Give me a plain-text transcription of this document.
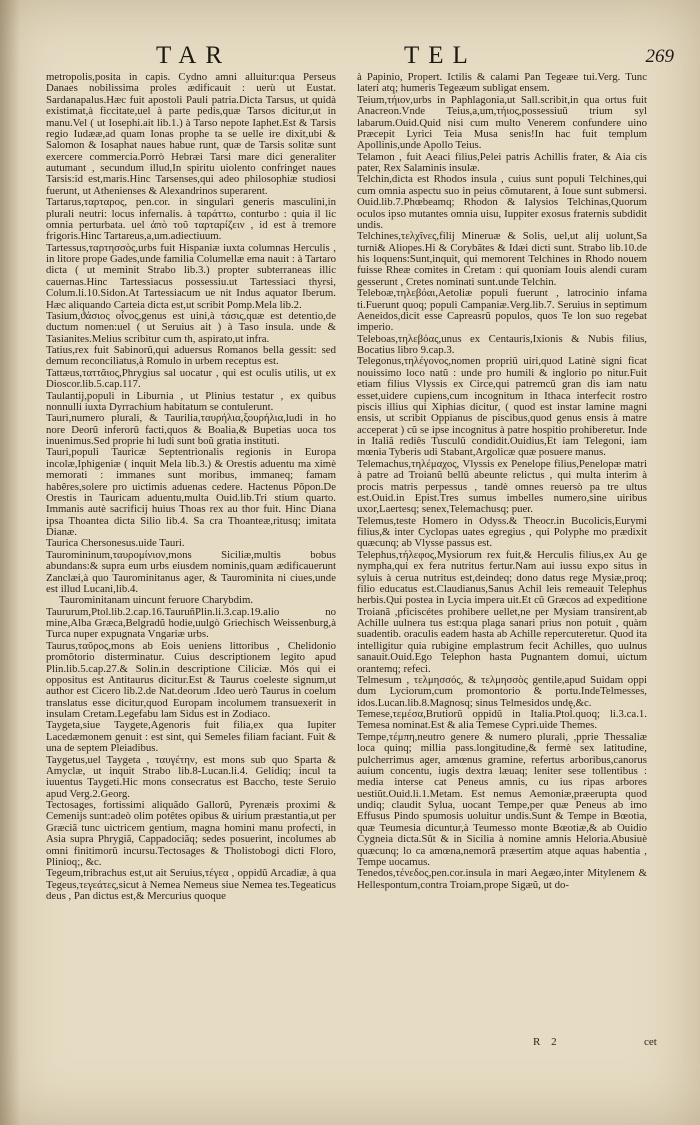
TAR	TEL	269

metropolis,posita in capis. Cydno amni alluitur:qua Perseus Danaes nobilissima proles ædificauit : uerù ut Eustat. Sardanapalus.Hæc fuit apostoli Pauli patria.Dicta Tarsus, ut quidà existimat,à ficcitate,uel à parte pedis,quæ Tarsos dicitur,ut in manu.Vel ( ut Iosephi.ait lib.1.) à Tarso nepote Iaphet.Est & Tarsis regio Iudææ,ad quam Ionas prophe ta se uelle ire dixit,ubi & Salomon & Iosaphat naues habue runt, quæ de Tarsis solitæ sunt exercere commercia.Porrò Hebræi Tarsi mare dici generaliter autumant , secundum illud,In spiritu uiolento confringet naues Tarsis:id est,maris.Hinc Tarsenses,qui adeo philosophiæ studiosi fuerunt, ut Athenienses & Alexandrinos superarent.

Tartarus,ταρταρος, pen.cor. in singulari generis masculini,in plurali neutri: locus infernalis. à ταράττω, conturbo : quia il lic omnia perturbata. uel ἀπὸ τοῦ ταρταρίζειν , id est à tremore frigoris.Hinc Tartareus,a,um.adiectiuum.

Tartessus,ταρτησσὸς,urbs fuit Hispaniæ iuxta columnas Herculis , in litore prope Gades,unde familia Columellæ ema nauit : à Tartaro dicta ( ut meminit Strabo lib.3.) propter subterraneas illic cauernas.Hinc Tartessiacus possessiu.ut Tartessiaci thyrsi, Colum.li.10.Sidon.At Tartessiacum ue nit Indus aquator Iberum. Hæc aliquando Carteia dicta est,ut scribit Pomp.Mela lib.2.

Tasium,ϑάσιος οἶνος,genus est uini,à τάσις,quæ est detentio,de ductum nomen:uel ( ut Seruius ait ) à Taso insula. unde & Tasianites.Melius scribitur cum th, aspirato,ut infra.

Tatius,rex fuit Sabinorũ,qui aduersus Romanos bella gessit: sed demum reconciliatus,à Romulo in urbem receptus est.

Tattæus,ταττᾶιος,Phrygius sal uocatur , qui est oculis utilis, ut ex Dioscor.lib.5.cap.117.

Taulantij,populi in Liburnia , ut Plinius testatur , ex quibus nonnulli iuxta Dyrrachium habitatum se contulerunt.

Tauri,numero plurali, & Taurilia,ταυρήλια,ξουρήλια,ludi in ho nore Deorũ inferorũ facti,quos & Boalia,& Bupetias uoca tos inuenimus.Sed proprie hi ludi sunt boũ gratia instituti.

Tauri,populi Tauricæ Septentrionalis regionis in Europa incolæ,Iphigeniæ ( inquit Mela lib.3.) & Orestis aduentu ma ximè memorati : immanes sunt moribus, immaneq; famam habêres,solere pro uictimis aduenas cedere. Hactenus Põpon.De Orestis in Tauricam aduentu,multa Ouid.lib.Tri stium quarto. Immanis autè sacrificij huius Thoas rex au thor fuit. Hinc Diana ipsa Thoantea dicta Silio lib.4. Sa cra Thoanteæ,ritusq; imitata Dianæ.

Taurica Chersonesus.uide Tauri.

Tauromininum,ταυρομίνιον,mons Siciliæ,multis bobus abundans:& supra eum urbs eiusdem nominis,quam ædificauerunt Zanclæi,à quo Taurominitanus ager, & Taurominita ni ciues,unde est illud Lucani,lib.4.

Taurominitanam uincunt feruore Charybdim.

Taururum,Ptol.lib.2.cap.16.TauruñPlin.li.3.cap.19.alio no mine,Alba Græca,Belgradũ hodie,uulgò Griechisch Weissenburg,à Turca nuper expugnata Vngariæ urbs.

Taurus,ταῦρος,mons ab Eois ueniens littoribus , Chelidonio promõtorio disterminatur. Cuius descriptionem legito apud Plin.lib.5.cap.27.& Solin.in descriptione Ciliciæ. Mós qui ei oppositus est Antitaurus dicitur.Est & Taurus coeleste signum,ut author est Cicero lib.2.de Nat.deorum .Ideo uerò Taurus in coelum translatus esse dicitur,quod Europam incolumem transuexerit in insulam Cretam.Legefabu lam Sidus est in Zodiaco.

Taygeta,siue Taygete,Agenoris fuit filia,ex qua Iupiter Lacedæmonem genuit : est sint, qui Semeles filiam faciant. Fuit & una de septem Pleiadibus.

Taygetus,uel Taygeta , ταυγέτην, est mons sub quo Sparta & Amyclæ, ut inquit Strabo lib.8-Lucan.li.4. Gelidiq; incul ta iuuentus Taygeti.Hic mons consecratus est Baccho, teste Seruio apud Verg.2.Georg.

Tectosages, fortissimi aliquãdo Gallorũ, Pyrenæis proximi & Cemenijs sunt:adeò olim potêtes opibus & uirium præstantia,ut per Græciã tunc uictricem gentium, magna homini manu profecti, in Asia supra Phrygiã, Cappadociãq; sedes posuerint, incolumes ab omni finitimorũ incursu.Tectosages & Tholistobogi dicti Floro, Plinioq;, &c.

Tegeum,tribrachus est,ut ait Seruius,τέγεα , oppidũ Arcadiæ, à qua Tegeus,τεγεάτες,sicut à Nemea Nemeus siue Nemea tes.Tegeaticus deus , Pan dictus est,& Mercurius quoque

à Papinio, Propert. Ictilis & calami Pan Tegeæe tui.Verg. Tunc lateri atq; humeris Tegeæum subligat ensem.

Teium,τήιον,urbs in Paphlagonia,ut Sall.scribit,in qua ortus fuit Anacreon.Vnde Teius,a,um,τήιος,possessiuũ trium syl labarum.Ouid.Quid nisi cum multo Venerem confundere uino Præcepit Lyrici Teia Musa senis!In hac fuit templum Apollinis,unde Apollo Teius.

Telamon , fuit Aeaci filius,Pelei patris Achillis frater, & Aia cis pater, Rex Salaminis insulæ.

Telchin,dicta est Rhodos insula , cuius sunt populi Telchines,qui cum omnia aspectu suo in peius cõmutarent, à Ioue sunt submersi. Ouid.lib.7.Phœbeamq; Rhodon & Ialysios Telchinas,Quorum oculos ipso mutantes omnia uisu, Iuppiter exosus fraternis subdidit undis.

Telchines,τελχῖνες,filij Mineruæ & Solis, uel,ut alij uolunt,Sa turni& Aliopes.Hi & Corybãtes & Idæi dicti sunt. Strabo lib.10.de his loquens:Sunt,inquit, qui memorent Telchines in Rhodo nouem fuisse Rheæ comites in Cretam : qui quoniam Iouis alendi curam gesserunt , Cretes nominati sunt.unde Telchin.

Teleboæ,τηλεβόαι,Aetoliæ populi fuerunt , latrocinio infama ti.Fuerunt quoq; populi Campaniæ.Verg.lib.7. Seruius in septimum Aeneidos,dicit esse Capreasrũ populos, quos Te lon suo regebat imperio.

Teleboas,τηλεβόας,unus ex Centauris,Ixionis & Nubis filius, Bocatius libro 9.cap.3.

Telegonus,τηλέγονος,nomen propriũ uiri,quod Latinè signi ficat nouissimo loco natũ : unde pro humili & inglorio po nitur.Fuit etiam filius Vlyssis ex Circe,qui patremcũ gran dis iam natu esset,uidere cupiens,cum incognitum in Ithaca interfecit rostro piscis illius qui Xiphias dicitur, ( quod est instar lamine magni ensis, ut scribit Oppianus de piscibus,quod genus ensis à matre acceperat ) cũ se ipse incognitus à patre hospitio prohiberetur. Inde in Italiã rediês Tusculũ condidit.Ouidius,Et iam Telegoni, iam mœnia Tyberis udi Stabant,Argolicæ quæ posuere manus.

Telemachus,τηλέμαχος, Vlyssis ex Penelope filius,Penelopæ matri à patre ad Troianũ bellũ abeunte relictus , qui multa interim à procis matris perpessus , tandè omnes reuersò pa tre ultus est.Ouid.in Epist.Tres sumus imbelles numero,sine uiribus uxor,Laertesq; senex,Telemachusq; puer.

Telemus,teste Homero in Odyss.& Theocr.in Bucolicis,Eurymi filius,& inter Cyclopas uates egregius , qui Polyphe mo prædixit quæcunq; ab Vlysse passus est.

Telephus,τήλεφος,Mysiorum rex fuit,& Herculis filius,ex Au ge nympha,qui ex fera nutritus fertur.Nam aui iussu expo situs in syluis à cerua nutritus est,deindeq; dono datus rege Mysiæ,proq; filio educatus est.Claudianus,Sanus Achil leis remeauit Telephus herbis.Qui postea in Lycia impera uit.Et cũ Græcos ad expeditione Troianã ,pficiscétes prohibere uellet,ne per Mysiam transirent,ab Achille uulnera tus est:qua plaga sanari prius non potuit , quàm suadentib. oraculis eadem hasta ab Achille repercuteretur. Quod ita intelligitur quia rubigine emplastrum fecit Achilles, quo uulnus sanauit.Ouid.Ego Telephon hasta Pugnantem domui, uictum orantemq; refeci.

Telmesum , τελμησσός, & τελμησσὸς gentile,apud Suidam oppi dum Lyciorum,cum promontorio & portu.IndeTelmesses, idos.Lucan.lib.8.Magnosq; sinus Telmesidos undę,&c.

Temese,τεμέσα,Brutiorũ oppidũ in Italia.Ptol.quoq; li.3.ca.1. Temesa nominat.Est & alia Temese Cypri.uide Themes.

Tempe,τέμπη,neutro genere & numero plurali, ,pprie Thessaliæ loca quinq; millia pass.longitudine,& fermè sex latitudine, pulcherrimus ager, amœnus gramine, refertus arboribus,canorus auium concentu, iugis dextra læuaq; leniter sese tollentibus : media interse cat Peneus amnis, cu ius ripas arbores uestiũt.Ouid.li.1.Metam. Est nemus Aemoniæ,præerupta quod undiq; claudit Sylua, uocant Tempe,per quæ Peneus ab imo Effusus Pindo spumosis uoluitur undis.Sunt & Tempe in Bœotia, quæ Teumesia dicuntur,à Teumesso monte Bœotiæ,& ab Ouidio Cygneia dicta.Sũt & in Sicilia à nomine amnis Heloria.Abusiuè quæcunq; lo ca amœna,nemorã præsertim atque aquas habentia , Tempe uocamus.

Tenedos,τένεδος,pen.cor.insula in mari Aegæo,inter Mitylenem & Hellespontum,contra Troiam,prope Sigæũ, ut do-

R 2	cet
